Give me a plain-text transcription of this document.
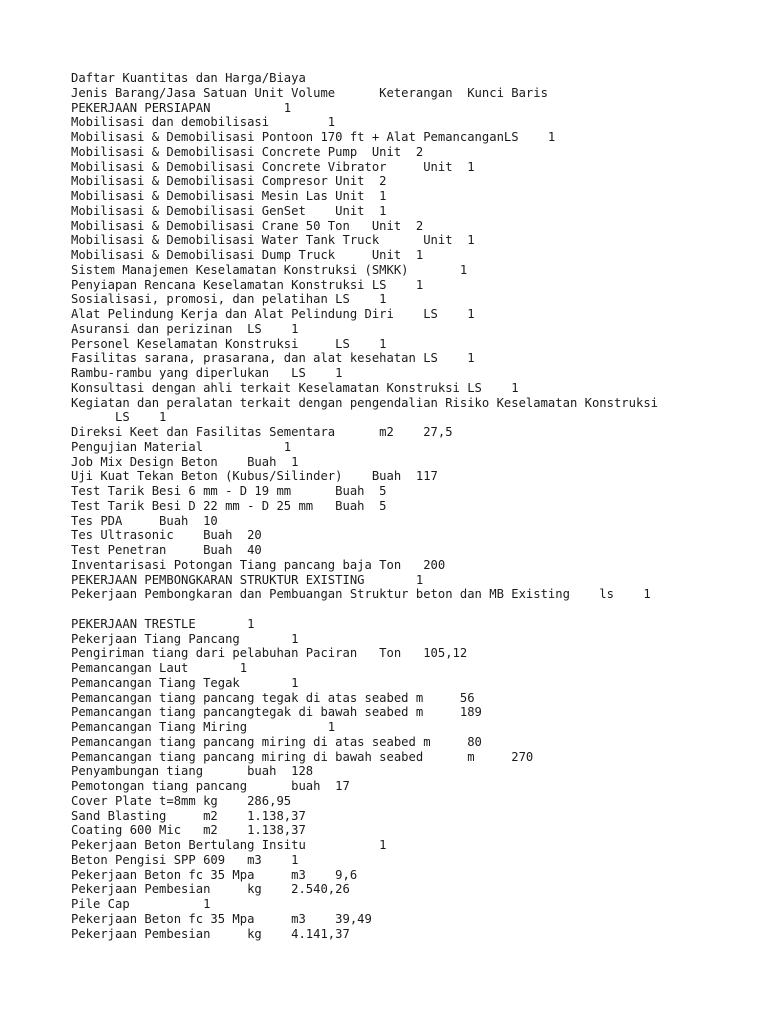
Daftar Kuantitas dan Harga/Biaya
Jenis Barang/Jasa Satuan Unit Volume      Keterangan  Kunci Baris
PEKERJAAN PERSIAPAN          1
Mobilisasi dan demobilisasi        1
Mobilisasi & Demobilisasi Pontoon 170 ft + Alat PemancanganLS    1
Mobilisasi & Demobilisasi Concrete Pump  Unit  2
Mobilisasi & Demobilisasi Concrete Vibrator     Unit  1
Mobilisasi & Demobilisasi Compresor Unit  2
Mobilisasi & Demobilisasi Mesin Las Unit  1
Mobilisasi & Demobilisasi GenSet    Unit  1
Mobilisasi & Demobilisasi Crane 50 Ton   Unit  2
Mobilisasi & Demobilisasi Water Tank Truck      Unit  1
Mobilisasi & Demobilisasi Dump Truck     Unit  1
Sistem Manajemen Keselamatan Konstruksi (SMKK)       1
Penyiapan Rencana Keselamatan Konstruksi LS    1
Sosialisasi, promosi, dan pelatihan LS    1
Alat Pelindung Kerja dan Alat Pelindung Diri    LS    1
Asuransi dan perizinan  LS    1
Personel Keselamatan Konstruksi     LS    1
Fasilitas sarana, prasarana, dan alat kesehatan LS    1
Rambu-rambu yang diperlukan   LS    1
Konsultasi dengan ahli terkait Keselamatan Konstruksi LS    1
Kegiatan dan peralatan terkait dengan pengendalian Risiko Keselamatan Konstruksi
LS    1
Direksi Keet dan Fasilitas Sementara      m2    27,5
Pengujian Material           1
Job Mix Design Beton    Buah  1
Uji Kuat Tekan Beton (Kubus/Silinder)    Buah  117
Test Tarik Besi 6 mm - D 19 mm      Buah  5
Test Tarik Besi D 22 mm - D 25 mm   Buah  5
Tes PDA     Buah  10
Tes Ultrasonic    Buah  20
Test Penetran     Buah  40
Inventarisasi Potongan Tiang pancang baja Ton   200
PEKERJAAN PEMBONGKARAN STRUKTUR EXISTING       1
Pekerjaan Pembongkaran dan Pembuangan Struktur beton dan MB Existing    ls    1
PEKERJAAN TRESTLE       1
Pekerjaan Tiang Pancang       1
Pengiriman tiang dari pelabuhan Paciran   Ton   105,12
Pemancangan Laut       1
Pemancangan Tiang Tegak       1
Pemancangan tiang pancang tegak di atas seabed m     56
Pemancangan tiang pancangtegak di bawah seabed m     189
Pemancangan Tiang Miring           1
Pemancangan tiang pancang miring di atas seabed m     80
Pemancangan tiang pancang miring di bawah seabed      m     270
Penyambungan tiang      buah  128
Pemotongan tiang pancang      buah  17
Cover Plate t=8mm kg    286,95
Sand Blasting     m2    1.138,37
Coating 600 Mic   m2    1.138,37
Pekerjaan Beton Bertulang Insitu          1
Beton Pengisi SPP 609   m3    1
Pekerjaan Beton fc 35 Mpa     m3    9,6
Pekerjaan Pembesian     kg    2.540,26
Pile Cap          1
Pekerjaan Beton fc 35 Mpa     m3    39,49
Pekerjaan Pembesian     kg    4.141,37
